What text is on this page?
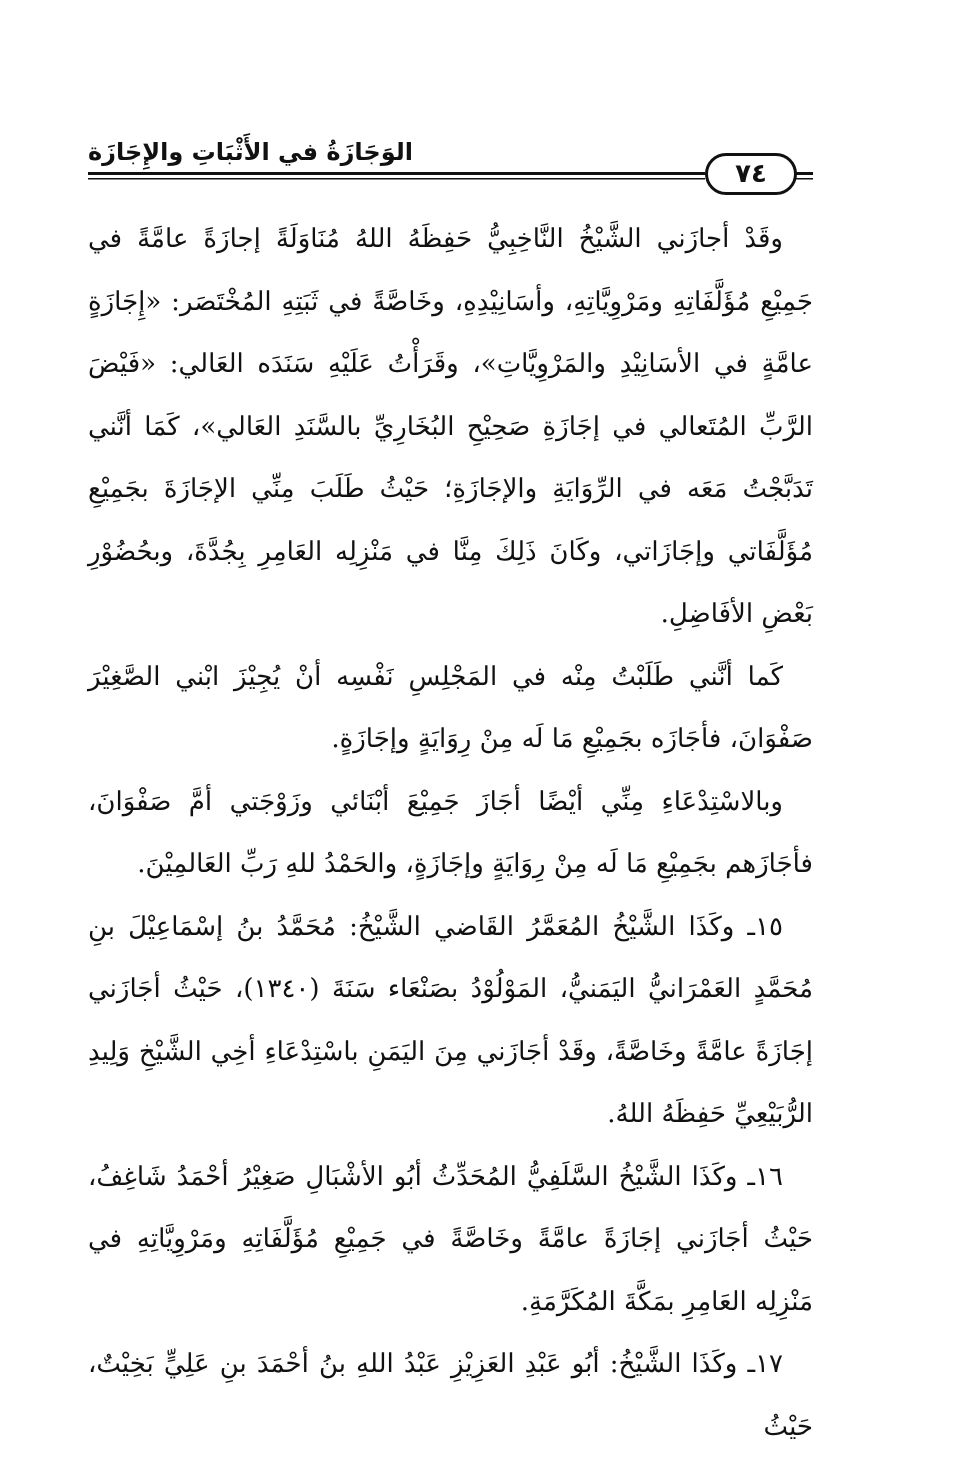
الوَجَازَةُ في الأَثْبَاتِ والإِجَازَة
٧٤

وقَدْ أجازَني الشَّيْخُ النَّاخِبِيُّ حَفِظَهُ اللهُ مُنَاوَلَةً إجازَةً عامَّةً في جَمِيْعِ مُؤَلَّفَاتِهِ ومَرْوِيَّاتِهِ، وأسَانِيْدِهِ، وخَاصَّةً في ثَبَتِهِ المُخْتَصَر: «إِجَازَةٍ عامَّةٍ في الأسَانِيْدِ والمَرْوِيَّاتِ»، وقَرَأْتُ عَلَيْهِ سَنَدَه العَالي: «فَيْضَ الرَّبِّ المُتَعالي في إجَازَةِ صَحِيْحِ البُخَارِيِّ بالسَّنَدِ العَالي»، كَمَا أنَّني تَدَبَّجْتُ مَعَه في الرِّوَايَةِ والإجَازَةِ؛ حَيْثُ طَلَبَ مِنِّي الإجَازَةَ بجَمِيْعِ مُؤَلَّفَاتي وإجَازَاتي، وكَانَ ذَلِكَ مِنَّا في مَنْزِلِه العَامِرِ بِجُدَّةَ، وبحُضُوْرِ بَعْضِ الأفَاضِلِ.

كَما أنَّني طَلَبْتُ مِنْه في المَجْلِسِ نَفْسِه أنْ يُجِيْزَ ابْني الصَّغِيْرَ صَفْوَانَ، فأجَازَه بجَمِيْعِ مَا لَه مِنْ رِوَايَةٍ وإجَازَةٍ.

وبالاسْتِدْعَاءِ مِنِّي أيْضًا أجَازَ جَمِيْعَ أبْنَائي وزَوْجَتي أمَّ صَفْوَانَ، فأجَازَهم بجَمِيْعِ مَا لَه مِنْ رِوَايَةٍ وإجَازَةٍ، والحَمْدُ للهِ رَبِّ العَالمِيْنَ.

١٥ـ وكَذَا الشَّيْخُ المُعَمَّرُ القَاضي الشَّيْخُ: مُحَمَّدُ بنُ إسْمَاعِيْلَ بنِ مُحَمَّدٍ العَمْرَانيُّ اليَمَنيُّ، المَوْلُوْدُ بصَنْعَاء سَنَةَ (١٣٤٠)، حَيْثُ أجَازَني إجَازَةً عامَّةً وخَاصَّةً، وقَدْ أجَازَني مِنَ اليَمَنِ باسْتِدْعَاءِ أخِي الشَّيْخِ وَلِيدِ الرُّبَيْعِيِّ حَفِظَهُ اللهُ.

١٦ـ وكَذَا الشَّيْخُ السَّلَفِيُّ المُحَدِّثُ أبُو الأشْبَالِ صَغِيْرُ أحْمَدُ شَاغِفُ، حَيْثُ أجَازَني إجَازَةً عامَّةً وخَاصَّةً في جَمِيْعِ مُؤَلَّفَاتِهِ ومَرْوِيَّاتِهِ في مَنْزِلِه العَامِرِ بمَكَّةَ المُكَرَّمَةِ.

١٧ـ وكَذَا الشَّيْخُ: أبُو عَبْدِ العَزِيْزِ عَبْدُ اللهِ بنُ أحْمَدَ بنِ عَلِيٍّ بَخِيْتٌ، حَيْثُ
